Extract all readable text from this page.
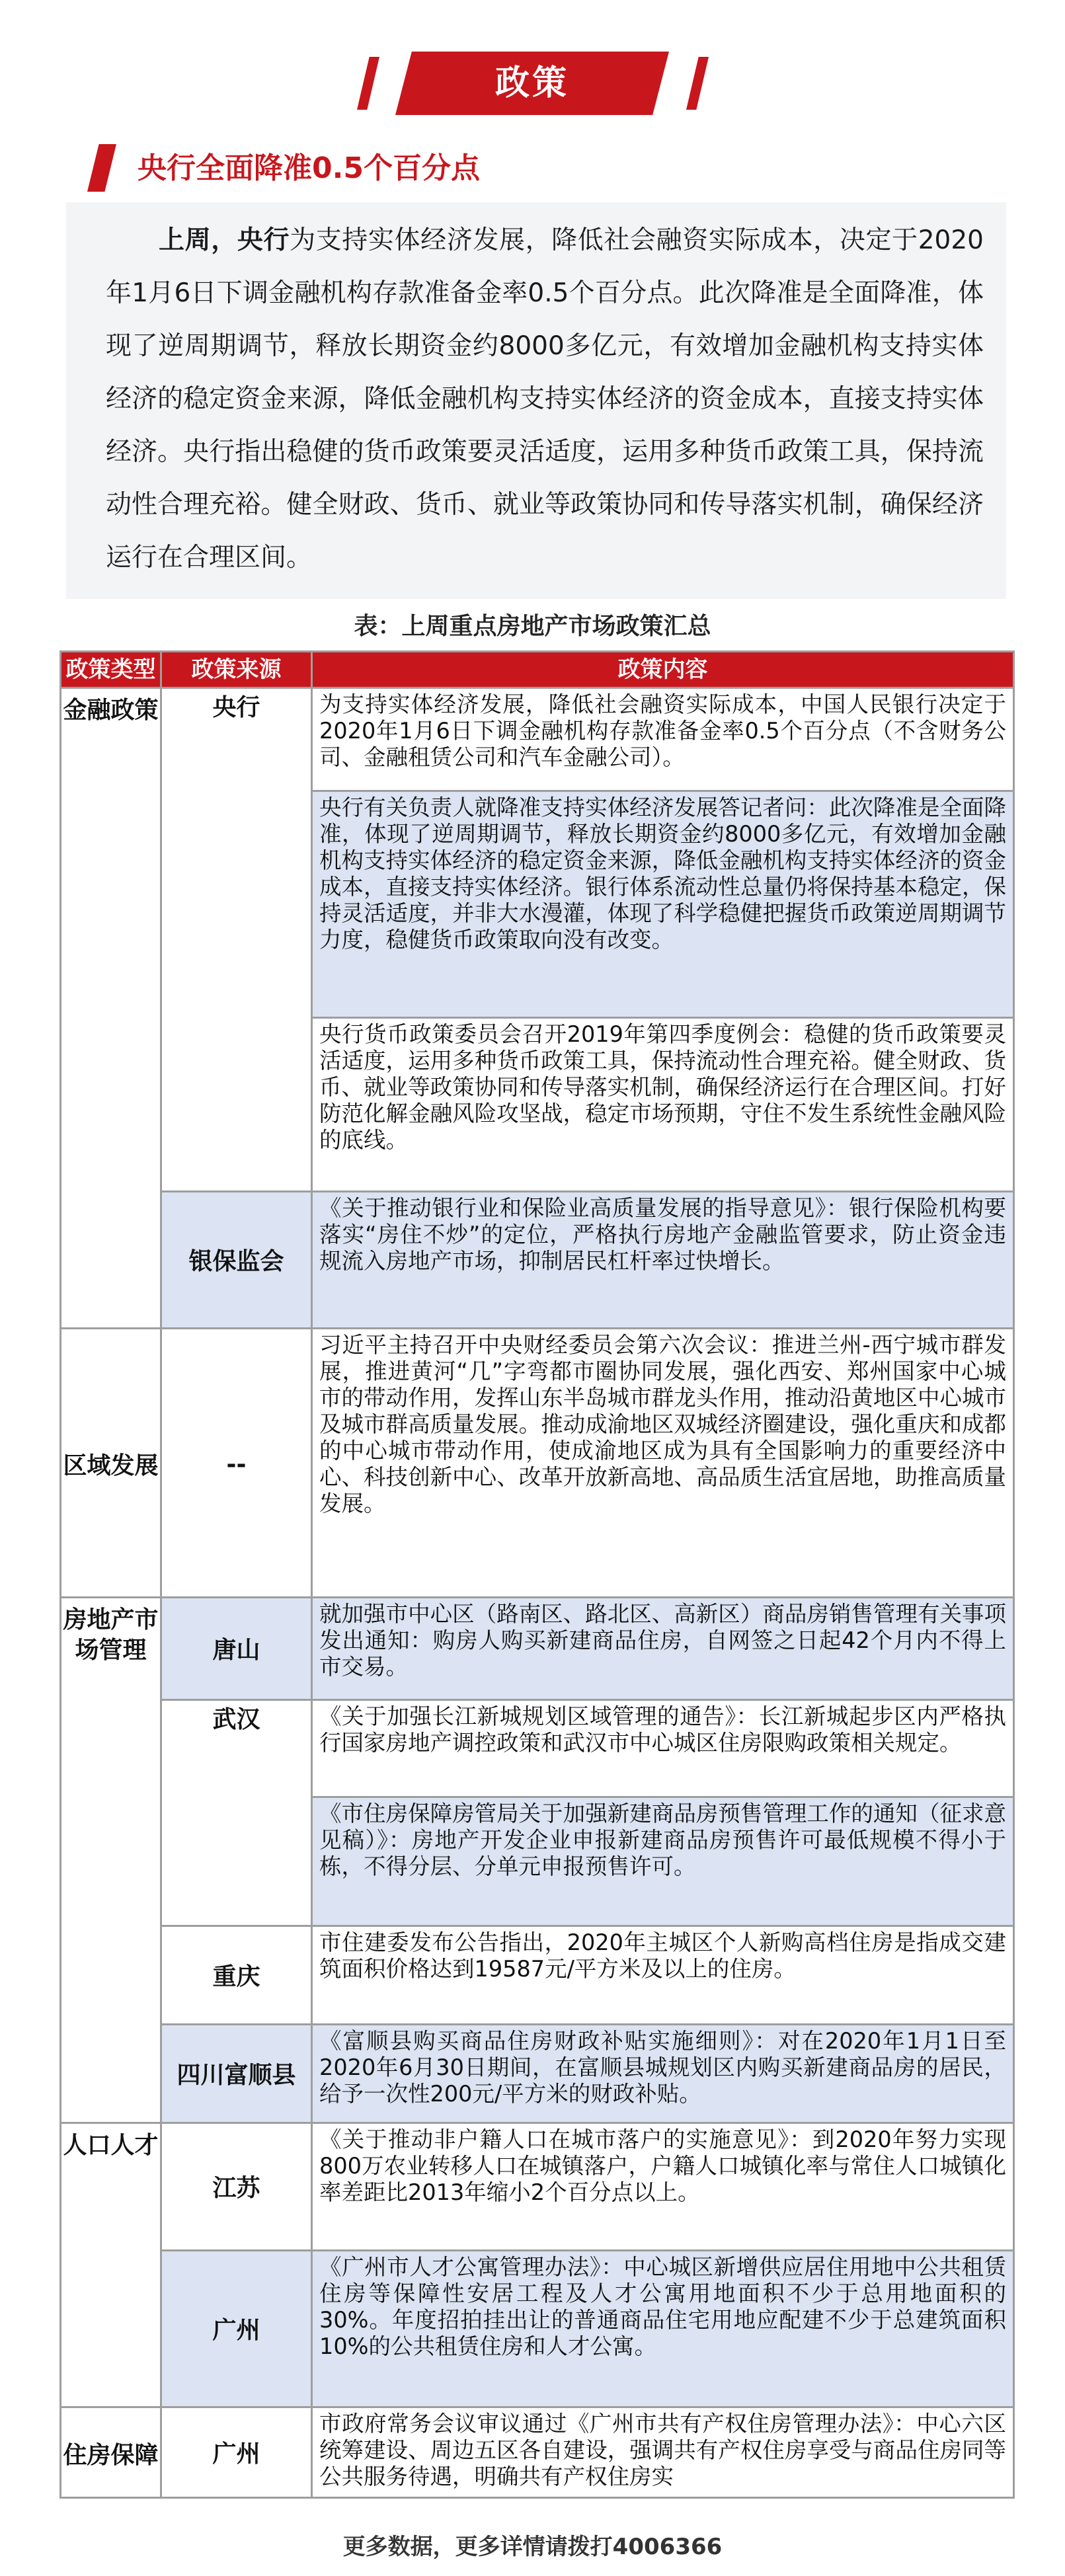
政策
央行全面降准0.5个百分点
上周，央行为支持实体经济发展，降低社会融资实际成本，决定于2020年1月6日下调金融机构存款准备金率0.5个百分点。此次降准是全面降准，体现了逆周期调节，释放长期资金约8000多亿元，有效增加金融机构支持实体经济的稳定资金来源，降低金融机构支持实体经济的资金成本，直接支持实体经济。央行指出稳健的货币政策要灵活适度，运用多种货币政策工具，保持流动性合理充裕。健全财政、货币、就业等政策协同和传导落实机制，确保经济运行在合理区间。
表：上周重点房地产市场政策汇总
政策类型	政策来源	政策内容
金融政策	央行	为支持实体经济发展，降低社会融资实际成本，中国人民银行决定于2020年1月6日下调金融机构存款准备金率0.5个百分点（不含财务公司、金融租赁公司和汽车金融公司）。
		央行有关负责人就降准支持实体经济发展答记者问：此次降准是全面降准，体现了逆周期调节，释放长期资金约8000多亿元，有效增加金融机构支持实体经济的稳定资金来源，降低金融机构支持实体经济的资金成本，直接支持实体经济。银行体系流动性总量仍将保持基本稳定，保持灵活适度，并非大水漫灌，体现了科学稳健把握货币政策逆周期调节力度，稳健货币政策取向没有改变。
		央行货币政策委员会召开2019年第四季度例会：稳健的货币政策要灵活适度，运用多种货币政策工具，保持流动性合理充裕。健全财政、货币、就业等政策协同和传导落实机制，确保经济运行在合理区间。打好防范化解金融风险攻坚战，稳定市场预期，守住不发生系统性金融风险的底线。
	银保监会	《关于推动银行业和保险业高质量发展的指导意见》：银行保险机构要落实“房住不炒”的定位，严格执行房地产金融监管要求，防止资金违规流入房地产市场，抑制居民杠杆率过快增长。
区域发展	--	习近平主持召开中央财经委员会第六次会议：推进兰州-西宁城市群发展，推进黄河“几”字弯都市圈协同发展，强化西安、郑州国家中心城市的带动作用，发挥山东半岛城市群龙头作用，推动沿黄地区中心城市及城市群高质量发展。推动成渝地区双城经济圈建设，强化重庆和成都的中心城市带动作用，使成渝地区成为具有全国影响力的重要经济中心、科技创新中心、改革开放新高地、高品质生活宜居地，助推高质量发展。
房地产市场管理	唐山	就加强市中心区（路南区、路北区、高新区）商品房销售管理有关事项发出通知：购房人购买新建商品住房，自网签之日起42个月内不得上市交易。
	武汉	《关于加强长江新城规划区域管理的通告》：长江新城起步区内严格执行国家房地产调控政策和武汉市中心城区住房限购政策相关规定。
		《市住房保障房管局关于加强新建商品房预售管理工作的通知（征求意见稿）》：房地产开发企业申报新建商品房预售许可最低规模不得小于栋，不得分层、分单元申报预售许可。
	重庆	市住建委发布公告指出，2020年主城区个人新购高档住房是指成交建筑面积价格达到19587元/平方米及以上的住房。
	四川富顺县	《富顺县购买商品住房财政补贴实施细则》：对在2020年1月1日至2020年6月30日期间，在富顺县城规划区内购买新建商品房的居民，给予一次性200元/平方米的财政补贴。
人口人才	江苏	《关于推动非户籍人口在城市落户的实施意见》：到2020年努力实现800万农业转移人口在城镇落户，户籍人口城镇化率与常住人口城镇化率差距比2013年缩小2个百分点以上。
	广州	《广州市人才公寓管理办法》：中心城区新增供应居住用地中公共租赁住房等保障性安居工程及人才公寓用地面积不少于总用地面积的30%。年度招拍挂出让的普通商品住宅用地应配建不少于总建筑面积10%的公共租赁住房和人才公寓。
住房保障	广州	市政府常务会议审议通过《广州市共有产权住房管理办法》：中心六区统筹建设、周边五区各自建设，强调共有产权住房享受与商品住房同等公共服务待遇，明确共有产权住房实
更多数据，更多详情请拨打4006366
